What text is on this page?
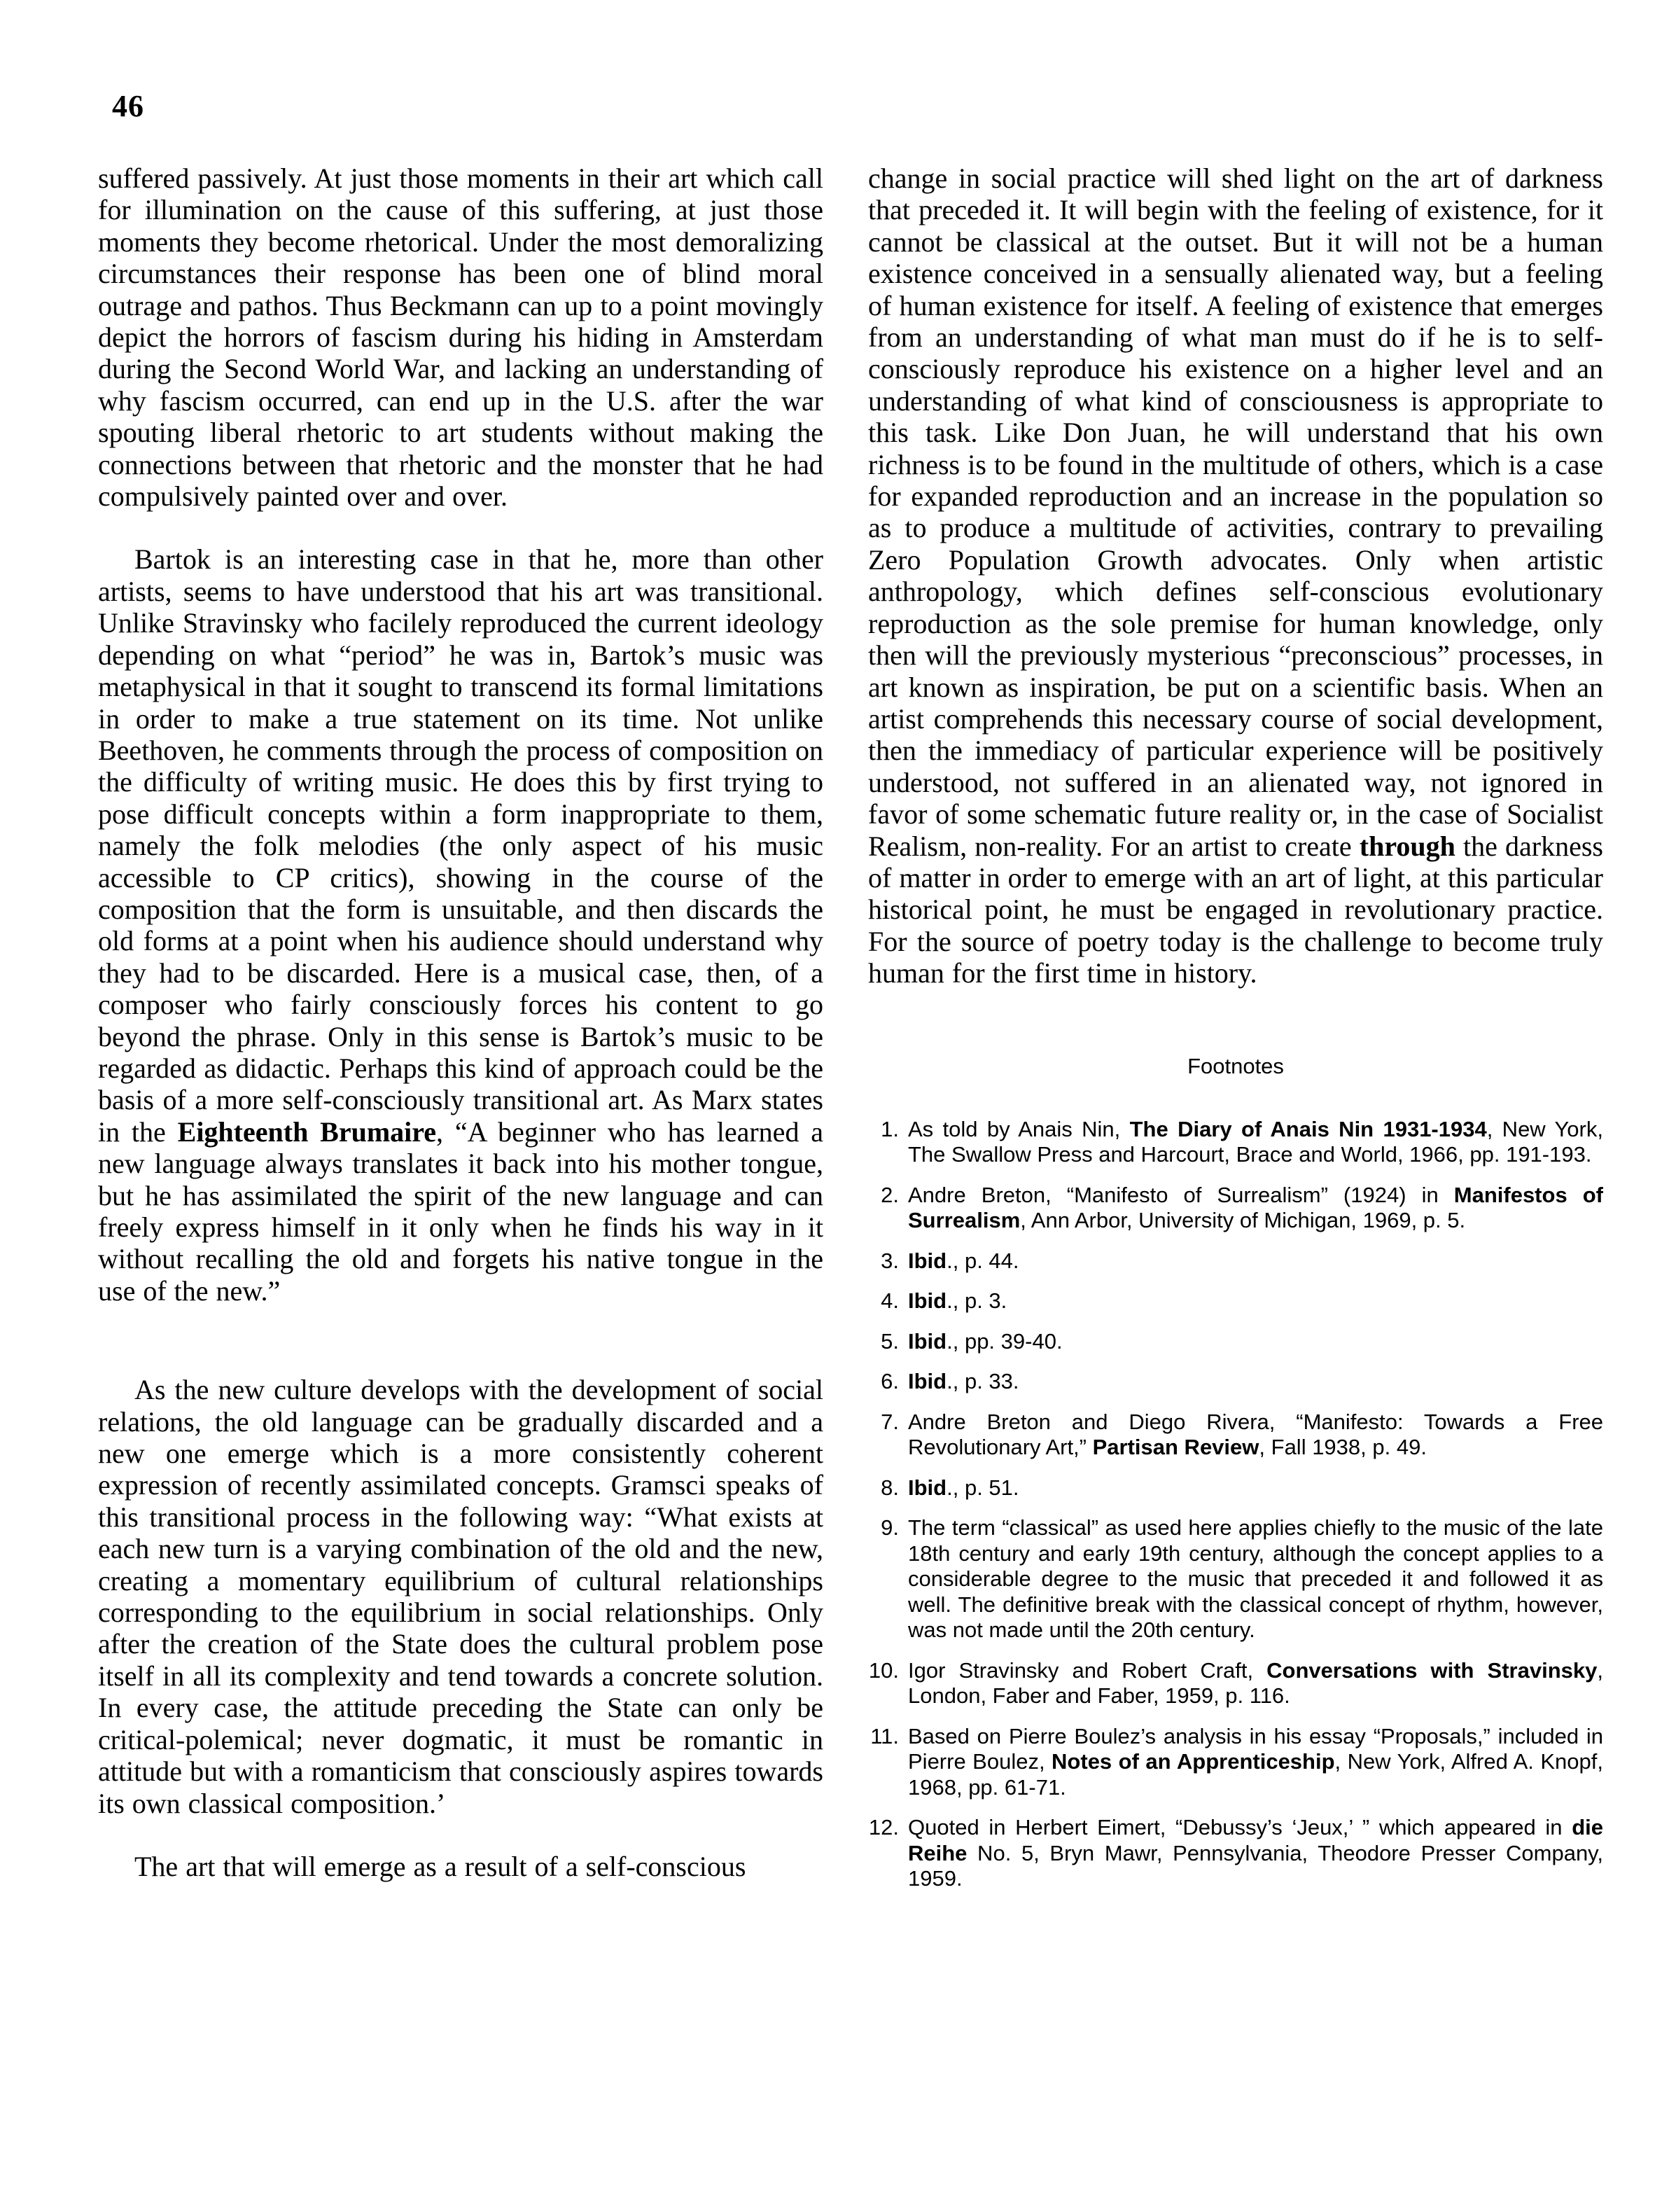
46

suffered passively. At just those moments in their art which call for illumination on the cause of this suffering, at just those moments they become rhetorical. Under the most demoralizing circumstances their response has been one of blind moral outrage and pathos. Thus Beckmann can up to a point movingly depict the horrors of fascism during his hiding in Amsterdam during the Second World War, and lacking an understanding of why fascism occurred, can end up in the U.S. after the war spouting liberal rhetoric to art students without making the connections between that rhetoric and the monster that he had compulsively painted over and over.

Bartok is an interesting case in that he, more than other artists, seems to have understood that his art was transitional. Unlike Stravinsky who facilely reproduced the current ideology depending on what “period” he was in, Bartok’s music was metaphysical in that it sought to transcend its formal limitations in order to make a true statement on its time. Not unlike Beethoven, he comments through the process of composition on the difficulty of writing music. He does this by first trying to pose difficult concepts within a form inappropriate to them, namely the folk melodies (the only aspect of his music accessible to CP critics), showing in the course of the composition that the form is unsuitable, and then discards the old forms at a point when his audience should understand why they had to be discarded. Here is a musical case, then, of a composer who fairly consciously forces his content to go beyond the phrase. Only in this sense is Bartok’s music to be regarded as didactic. Perhaps this kind of approach could be the basis of a more self-consciously transitional art. As Marx states in the Eighteenth Brumaire, “A beginner who has learned a new language always translates it back into his mother tongue, but he has assimilated the spirit of the new language and can freely express himself in it only when he finds his way in it without recalling the old and forgets his native tongue in the use of the new.”

As the new culture develops with the development of social relations, the old language can be gradually discarded and a new one emerge which is a more consistently coherent expression of recently assimilated concepts. Gramsci speaks of this transitional process in the following way: “What exists at each new turn is a varying combination of the old and the new, creating a momentary equilibrium of cultural relationships corresponding to the equilibrium in social relationships. Only after the creation of the State does the cultural problem pose itself in all its complexity and tend towards a concrete solution. In every case, the attitude preceding the State can only be critical-polemical; never dogmatic, it must be romantic in attitude but with a romanticism that consciously aspires towards its own classical composition.’

The art that will emerge as a result of a self-conscious

change in social practice will shed light on the art of darkness that preceded it. It will begin with the feeling of existence, for it cannot be classical at the outset. But it will not be a human existence conceived in a sensually alienated way, but a feeling of human existence for itself. A feeling of existence that emerges from an understanding of what man must do if he is to self-consciously reproduce his existence on a higher level and an understanding of what kind of consciousness is appropriate to this task. Like Don Juan, he will understand that his own richness is to be found in the multitude of others, which is a case for expanded reproduction and an increase in the population so as to produce a multitude of activities, contrary to prevailing Zero Population Growth advocates. Only when artistic anthropology, which defines self-conscious evolutionary reproduction as the sole premise for human knowledge, only then will the previously mysterious “preconscious” processes, in art known as inspiration, be put on a scientific basis. When an artist comprehends this necessary course of social development, then the immediacy of particular experience will be positively understood, not suffered in an alienated way, not ignored in favor of some schematic future reality or, in the case of Socialist Realism, non-reality. For an artist to create through the darkness of matter in order to emerge with an art of light, at this particular historical point, he must be engaged in revolutionary practice. For the source of poetry today is the challenge to become truly human for the first time in history.

Footnotes
1. As told by Anais Nin, The Diary of Anais Nin 1931-1934, New York, The Swallow Press and Harcourt, Brace and World, 1966, pp. 191-193.
2. Andre Breton, “Manifesto of Surrealism” (1924) in Manifestos of Surrealism, Ann Arbor, University of Michigan, 1969, p. 5.
3. Ibid., p. 44.
4. Ibid., p. 3.
5. Ibid., pp. 39-40.
6. Ibid., p. 33.
7. Andre Breton and Diego Rivera, “Manifesto: Towards a Free Revolutionary Art,” Partisan Review, Fall 1938, p. 49.
8. Ibid., p. 51.
9. The term “classical” as used here applies chiefly to the music of the late 18th century and early 19th century, although the concept applies to a considerable degree to the music that preceded it and followed it as well. The definitive break with the classical concept of rhythm, however, was not made until the 20th century.
10. Igor Stravinsky and Robert Craft, Conversations with Stravinsky, London, Faber and Faber, 1959, p. 116.
11. Based on Pierre Boulez’s analysis in his essay “Proposals,” included in Pierre Boulez, Notes of an Apprenticeship, New York, Alfred A. Knopf, 1968, pp. 61-71.
12. Quoted in Herbert Eimert, “Debussy’s ‘Jeux,’ ” which appeared in die Reihe No. 5, Bryn Mawr, Pennsylvania, Theodore Presser Company, 1959.
